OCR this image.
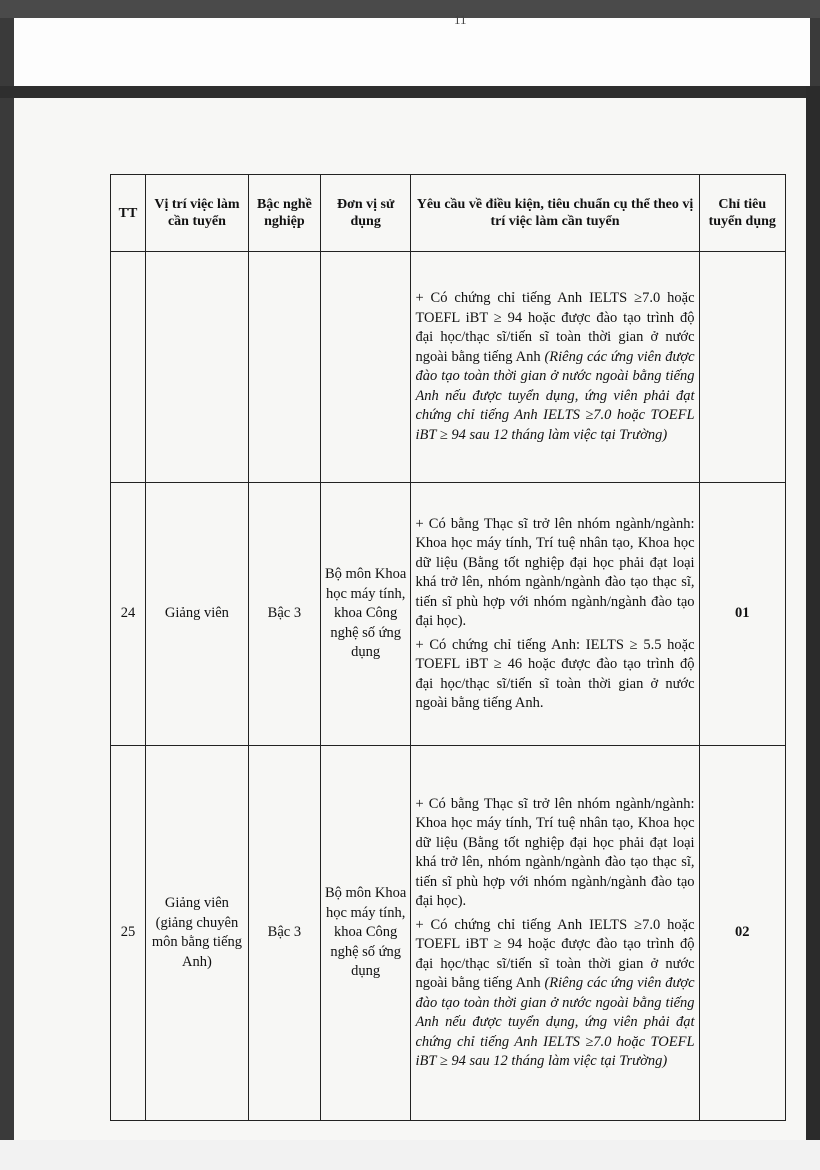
11
TT	Vị trí việc làm cần tuyển	Bậc nghề nghiệp	Đơn vị sử dụng	Yêu cầu về điều kiện, tiêu chuẩn cụ thể theo vị trí việc làm cần tuyển	Chỉ tiêu tuyển dụng

				+ Có chứng chỉ tiếng Anh IELTS ≥7.0 hoặc TOEFL iBT ≥ 94 hoặc được đào tạo trình độ đại học/thạc sĩ/tiến sĩ toàn thời gian ở nước ngoài bằng tiếng Anh (Riêng các ứng viên được đào tạo toàn thời gian ở nước ngoài bằng tiếng Anh nếu được tuyển dụng, ứng viên phải đạt chứng chỉ tiếng Anh IELTS ≥7.0 hoặc TOEFL iBT ≥ 94 sau 12 tháng làm việc tại Trường)	

24	Giảng viên	Bậc 3	Bộ môn Khoa học máy tính, khoa Công nghệ số ứng dụng	+ Có bằng Thạc sĩ trở lên nhóm ngành/ngành: Khoa học máy tính, Trí tuệ nhân tạo, Khoa học dữ liệu (Bằng tốt nghiệp đại học phải đạt loại khá trở lên, nhóm ngành/ngành đào tạo thạc sĩ, tiến sĩ phù hợp với nhóm ngành/ngành đào tạo đại học).

+ Có chứng chỉ tiếng Anh: IELTS ≥ 5.5 hoặc TOEFL iBT ≥ 46 hoặc được đào tạo trình độ đại học/thạc sĩ/tiến sĩ toàn thời gian ở nước ngoài bằng tiếng Anh.	01
25	Giảng viên (giảng chuyên môn bằng tiếng Anh)	Bậc 3	Bộ môn Khoa học máy tính, khoa Công nghệ số ứng dụng	+ Có bằng Thạc sĩ trở lên nhóm ngành/ngành: Khoa học máy tính, Trí tuệ nhân tạo, Khoa học dữ liệu (Bằng tốt nghiệp đại học phải đạt loại khá trở lên, nhóm ngành/ngành đào tạo thạc sĩ, tiến sĩ phù hợp với nhóm ngành/ngành đào tạo đại học).

+ Có chứng chỉ tiếng Anh IELTS ≥7.0 hoặc TOEFL iBT ≥ 94 hoặc được đào tạo trình độ đại học/thạc sĩ/tiến sĩ toàn thời gian ở nước ngoài bằng tiếng Anh (Riêng các ứng viên được đào tạo toàn thời gian ở nước ngoài bằng tiếng Anh nếu được tuyển dụng, ứng viên phải đạt chứng chỉ tiếng Anh IELTS ≥7.0 hoặc TOEFL iBT ≥ 94 sau 12 tháng làm việc tại Trường)	02
